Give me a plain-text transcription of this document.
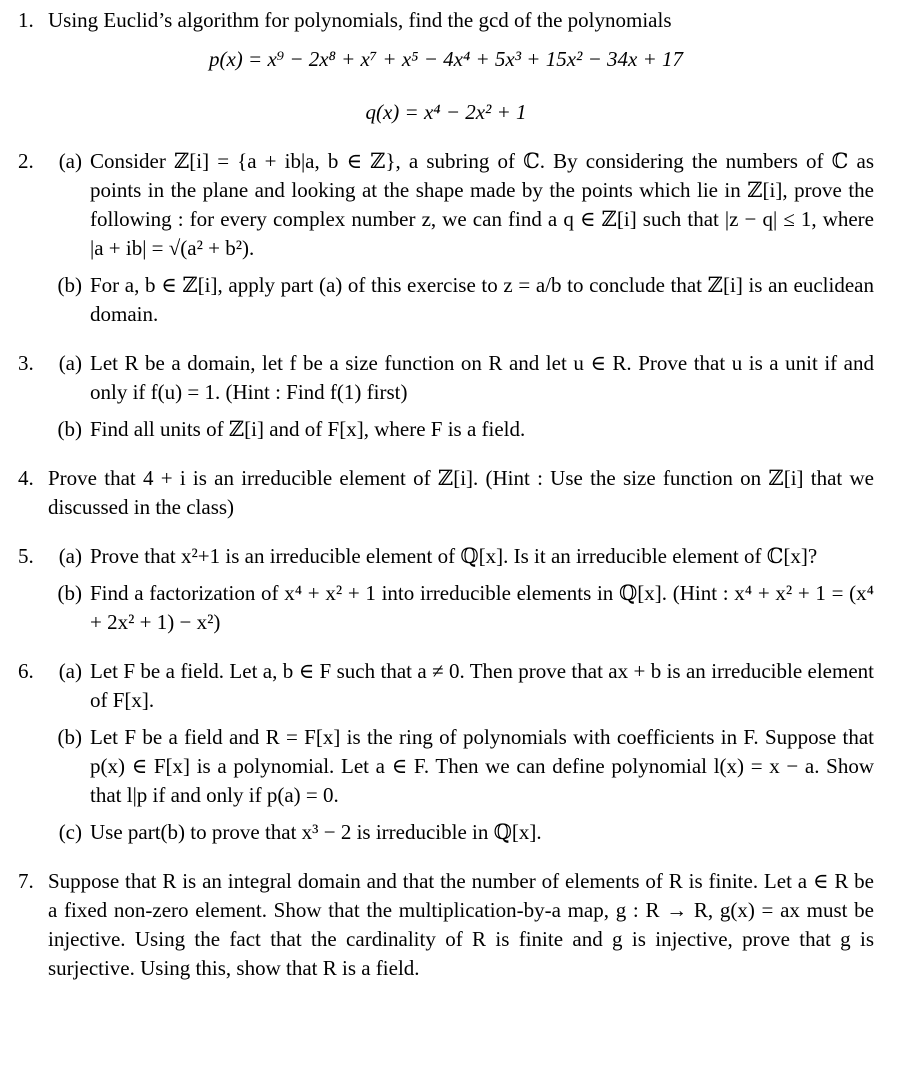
1. Using Euclid’s algorithm for polynomials, find the gcd of the polynomials
p(x) = x⁹ − 2x⁸ + x⁷ + x⁵ − 4x⁴ + 5x³ + 15x² − 34x + 17
q(x) = x⁴ − 2x² + 1
2.	(a) Consider ℤ[i] = {a + ib|a, b ∈ ℤ}, a subring of ℂ. By considering the numbers of ℂ as points in the plane and looking at the shape made by the points which lie in ℤ[i], prove the following : for every complex number z, we can find a q ∈ ℤ[i] such that |z − q| ≤ 1, where |a + ib| = √(a² + b²).
(b) For a, b ∈ ℤ[i], apply part (a) of this exercise to z = a/b to conclude that ℤ[i] is an euclidean domain.
3.	(a) Let R be a domain, let f be a size function on R and let u ∈ R. Prove that u is a unit if and only if f(u) = 1. (Hint : Find f(1) first)
(b) Find all units of ℤ[i] and of F[x], where F is a field.
4. Prove that 4 + i is an irreducible element of ℤ[i]. (Hint : Use the size function on ℤ[i] that we discussed in the class)
5.	(a) Prove that x²+1 is an irreducible element of ℚ[x]. Is it an irreducible element of ℂ[x]?
(b) Find a factorization of x⁴ + x² + 1 into irreducible elements in ℚ[x]. (Hint : x⁴ + x² + 1 = (x⁴ + 2x² + 1) − x²)
6.	(a) Let F be a field. Let a, b ∈ F such that a ≠ 0. Then prove that ax + b is an irreducible element of F[x].
(b) Let F be a field and R = F[x] is the ring of polynomials with coefficients in F. Suppose that p(x) ∈ F[x] is a polynomial. Let a ∈ F. Then we can define polynomial l(x) = x − a. Show that l|p if and only if p(a) = 0.
(c) Use part(b) to prove that x³ − 2 is irreducible in ℚ[x].
7. Suppose that R is an integral domain and that the number of elements of R is finite. Let a ∈ R be a fixed non-zero element. Show that the multiplication-by-a map, g : R → R, g(x) = ax must be injective. Using the fact that the cardinality of R is finite and g is injective, prove that g is surjective. Using this, show that R is a field.
